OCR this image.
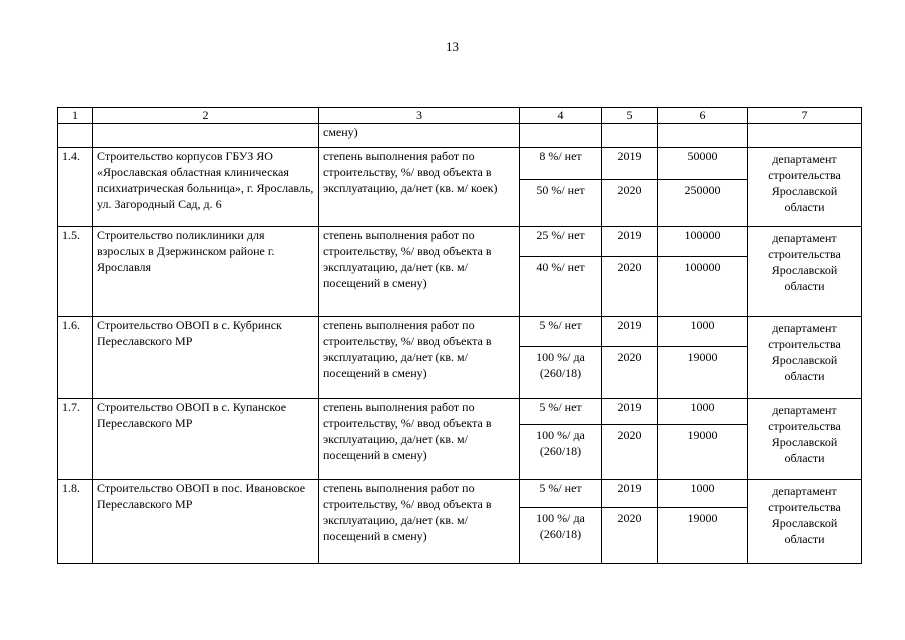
13
1	2	3	4	5	6	7
		смену)				
1.4.	Строительство корпусов ГБУЗ ЯО «Ярославская областная клиническая психиатрическая больница», г. Ярославль, ул. Загородный Сад, д. 6	степень выполнения работ по строительству, %/ ввод объекта в эксплуатацию, да/нет (кв. м/ коек)	8 %/ нет	2019	50000	департамент строительства Ярославской области
			50 %/ нет	2020	250000	
1.5.	Строительство поликлиники для взрослых в Дзержинском районе г. Ярославля	степень выполнения работ по строительству, %/ ввод объекта в эксплуатацию, да/нет (кв. м/ посещений в смену)	25 %/ нет	2019	100000	департамент строительства Ярославской области
			40 %/ нет	2020	100000	
1.6.	Строительство ОВОП в с. Кубринск Переславского МР	степень выполнения работ по строительству, %/ ввод объекта в эксплуатацию, да/нет (кв. м/ посещений в смену)	5 %/ нет	2019	1000	департамент строительства Ярославской области
			100 %/ да (260/18)	2020	19000	
1.7.	Строительство ОВОП в с. Купанское Переславского МР	степень выполнения работ по строительству, %/ ввод объекта в эксплуатацию, да/нет (кв. м/ посещений в смену)	5 %/ нет	2019	1000	департамент строительства Ярославской области
			100 %/ да (260/18)	2020	19000	
1.8.	Строительство ОВОП в пос. Ивановское Переславского МР	степень выполнения работ по строительству, %/ ввод объекта в эксплуатацию, да/нет (кв. м/ посещений в смену)	5 %/ нет	2019	1000	департамент строительства Ярославской области
			100 %/ да (260/18)	2020	19000	
